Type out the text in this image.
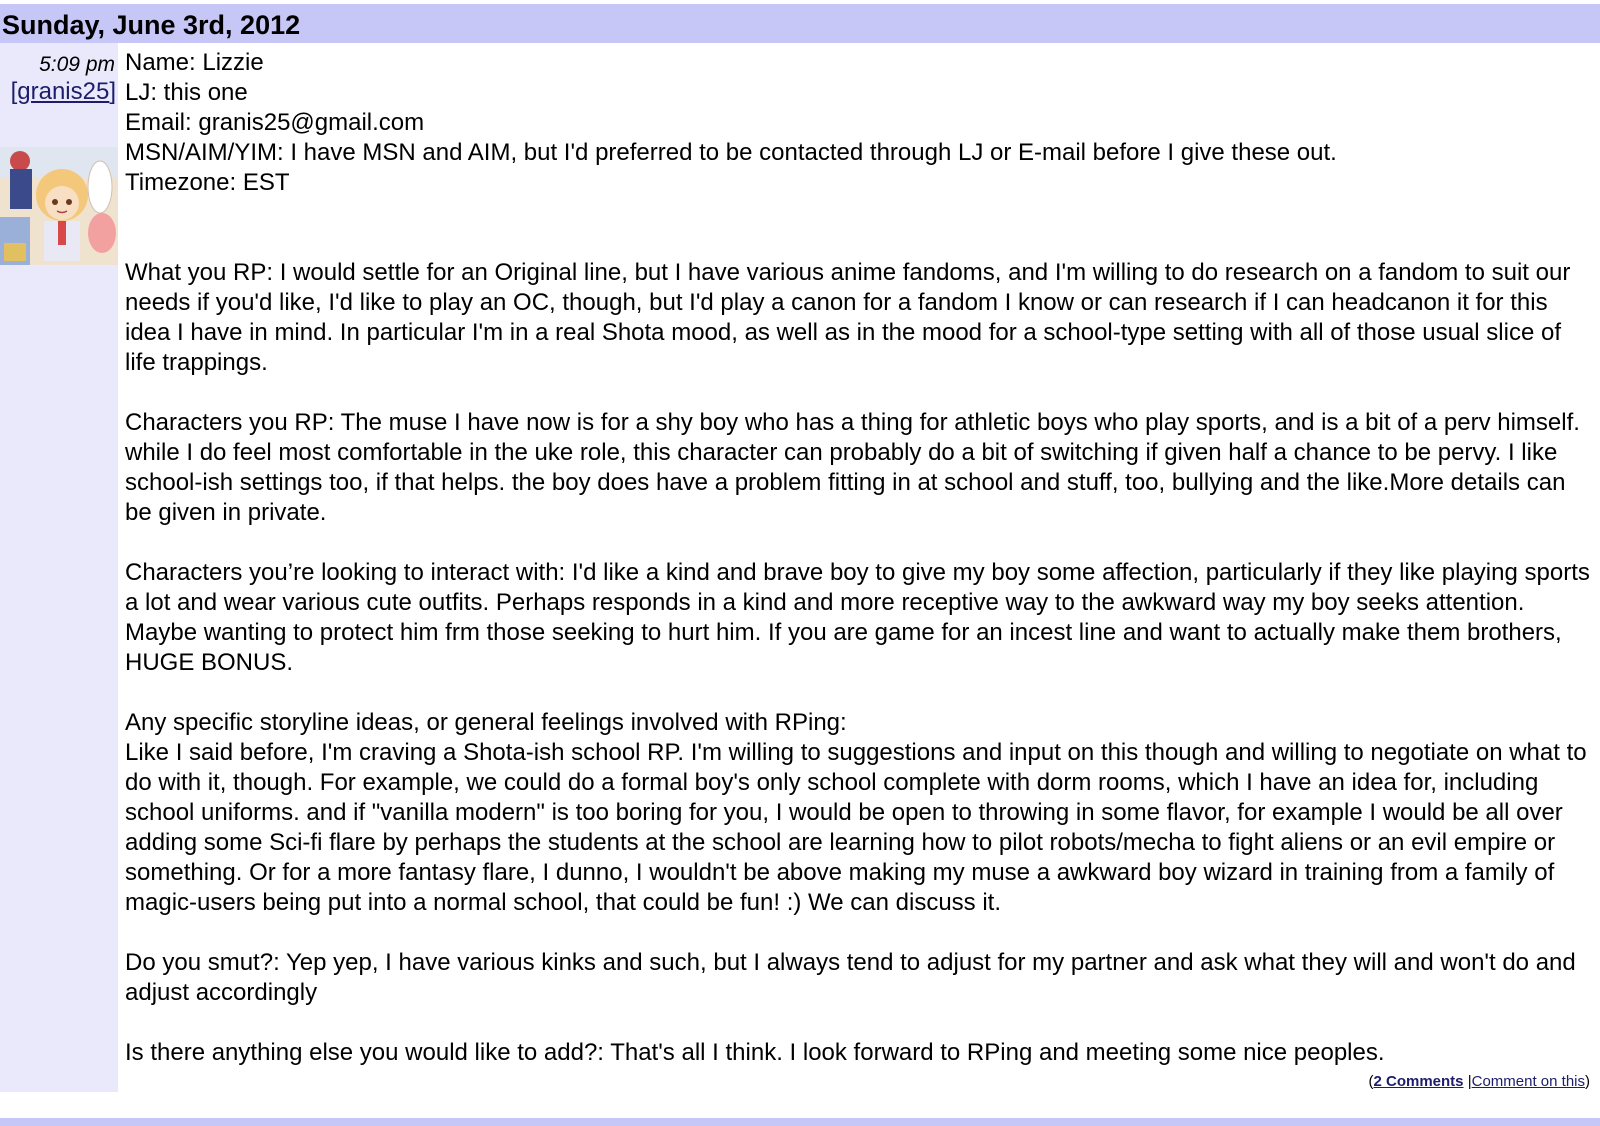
Sunday, June 3rd, 2012
5:09 pm
[granis25]

Name: Lizzie

LJ: this one

Email: granis25@gmail.com

MSN/AIM/YIM: I have MSN and AIM, but I'd preferred to be contacted through LJ or E-mail before I give these out.

Timezone: EST

What you RP: I would settle for an Original line, but I have various anime fandoms, and I'm willing to do research on a fandom to suit our needs if you'd like, I'd like to play an OC, though, but I'd play a canon for a fandom I know or can research if I can headcanon it for this idea I have in mind. In particular I'm in a real Shota mood, as well as in the mood for a school-type setting with all of those usual slice of life trappings.

Characters you RP: The muse I have now is for a shy boy who has a thing for athletic boys who play sports, and is a bit of a perv himself. while I do feel most comfortable in the uke role, this character can probably do a bit of switching if given half a chance to be pervy. I like school-ish settings too, if that helps. the boy does have a problem fitting in at school and stuff, too, bullying and the like.More details can be given in private.

Characters you’re looking to interact with: I'd like a kind and brave boy to give my boy some affection, particularly if they like playing sports a lot and wear various cute outfits. Perhaps responds in a kind and more receptive way to the awkward way my boy seeks attention. Maybe wanting to protect him frm those seeking to hurt him. If you are game for an incest line and want to actually make them brothers, HUGE BONUS.

Any specific storyline ideas, or general feelings involved with RPing:

Like I said before, I'm craving a Shota-ish school RP. I'm willing to suggestions and input on this though and willing to negotiate on what to do with it, though. For example, we could do a formal boy's only school complete with dorm rooms, which I have an idea for, including school uniforms. and if "vanilla modern" is too boring for you, I would be open to throwing in some flavor, for example I would be all over adding some Sci-fi flare by perhaps the students at the school are learning how to pilot robots/mecha to fight aliens or an evil empire or something. Or for a more fantasy flare, I dunno, I wouldn't be above making my muse a awkward boy wizard in training from a family of magic-users being put into a normal school, that could be fun! :) We can discuss it.

Do you smut?: Yep yep, I have various kinks and such, but I always tend to adjust for my partner and ask what they will and won't do and adjust accordingly

Is there anything else you would like to add?: That's all I think. I look forward to RPing and meeting some nice peoples.

(2 Comments |Comment on this)
